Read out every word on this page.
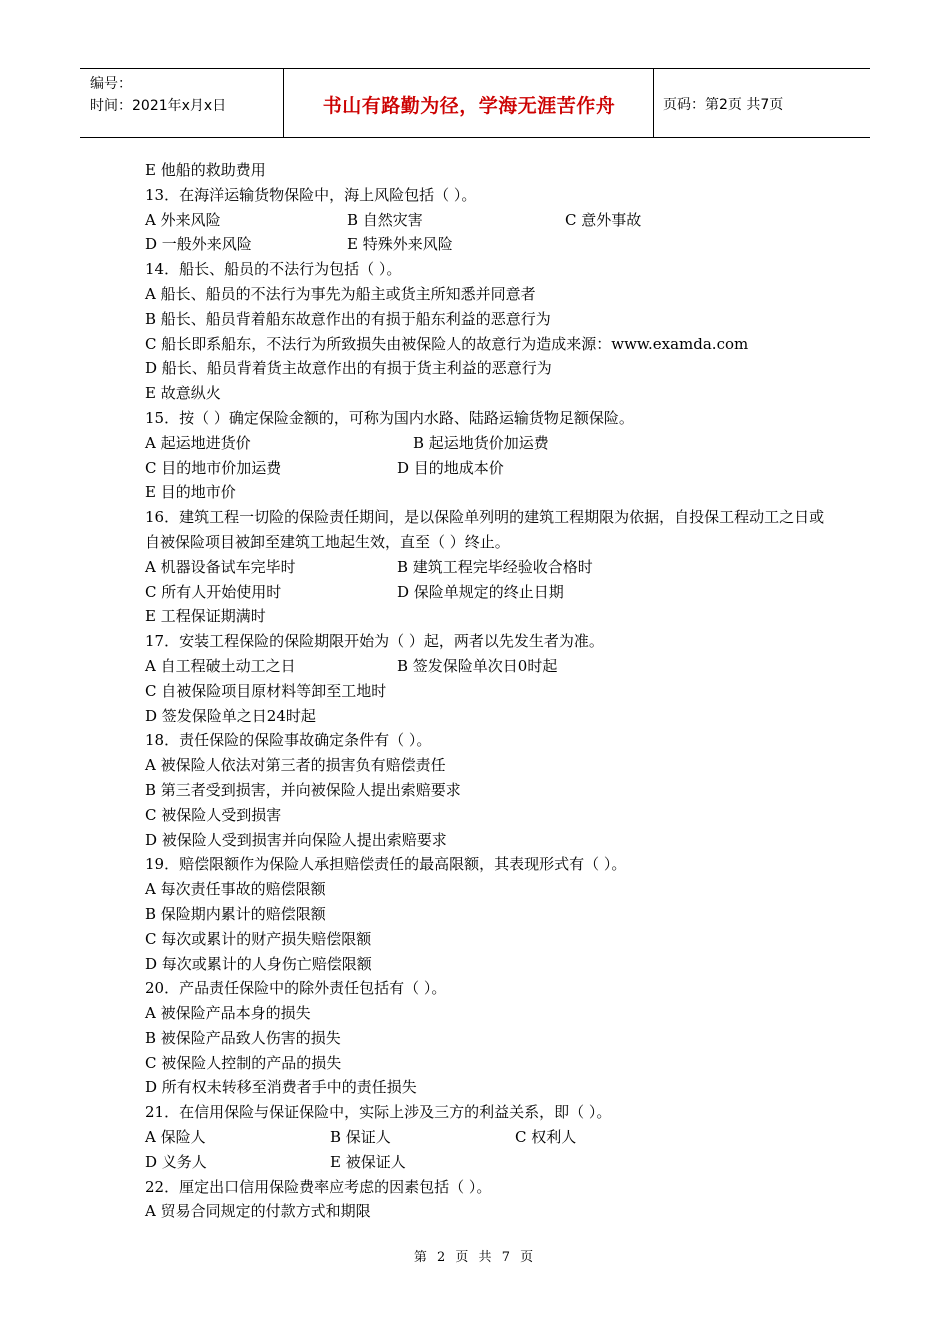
编号：
时间：2021年x月x日	书山有路勤为径，学海无涯苦作舟	页码：第2页 共7页
E 他船的救助费用
13．在海洋运输货物保险中，海上风险包括（ ）。
A 外来风险	B 自然灾害	C 意外事故
D 一般外来风险	E 特殊外来风险
14．船长、船员的不法行为包括（ ）。
A 船长、船员的不法行为事先为船主或货主所知悉并同意者
B 船长、船员背着船东故意作出的有损于船东利益的恶意行为
C 船长即系船东，不法行为所致损失由被保险人的故意行为造成来源：www.examda.com
D 船长、船员背着货主故意作出的有损于货主利益的恶意行为
E 故意纵火
15．按（ ）确定保险金额的，可称为国内水路、陆路运输货物足额保险。
A 起运地进货价	B 起运地货价加运费
C 目的地市价加运费	D 目的地成本价
E 目的地市价
16．建筑工程一切险的保险责任期间，是以保险单列明的建筑工程期限为依据，自投保工程动工之日或自被保险项目被卸至建筑工地起生效，直至（ ）终止。
A 机器设备试车完毕时	B 建筑工程完毕经验收合格时
C 所有人开始使用时	D 保险单规定的终止日期
E 工程保证期满时
17．安装工程保险的保险期限开始为（ ）起，两者以先发生者为准。
A 自工程破土动工之日	B 签发保险单次日0时起
C 自被保险项目原材料等卸至工地时
D 签发保险单之日24时起
18．责任保险的保险事故确定条件有（ ）。
A 被保险人依法对第三者的损害负有赔偿责任
B 第三者受到损害，并向被保险人提出索赔要求
C 被保险人受到损害
D 被保险人受到损害并向保险人提出索赔要求
19．赔偿限额作为保险人承担赔偿责任的最高限额，其表现形式有（ ）。
A 每次责任事故的赔偿限额
B 保险期内累计的赔偿限额
C 每次或累计的财产损失赔偿限额
D 每次或累计的人身伤亡赔偿限额
20．产品责任保险中的除外责任包括有（ ）。
A 被保险产品本身的损失
B 被保险产品致人伤害的损失
C 被保险人控制的产品的损失
D 所有权未转移至消费者手中的责任损失
21．在信用保险与保证保险中，实际上涉及三方的利益关系，即（ ）。
A 保险人	B 保证人	C 权利人
D 义务人	E 被保证人
22．厘定出口信用保险费率应考虑的因素包括（ ）。
A 贸易合同规定的付款方式和期限
第 2 页 共 7 页
